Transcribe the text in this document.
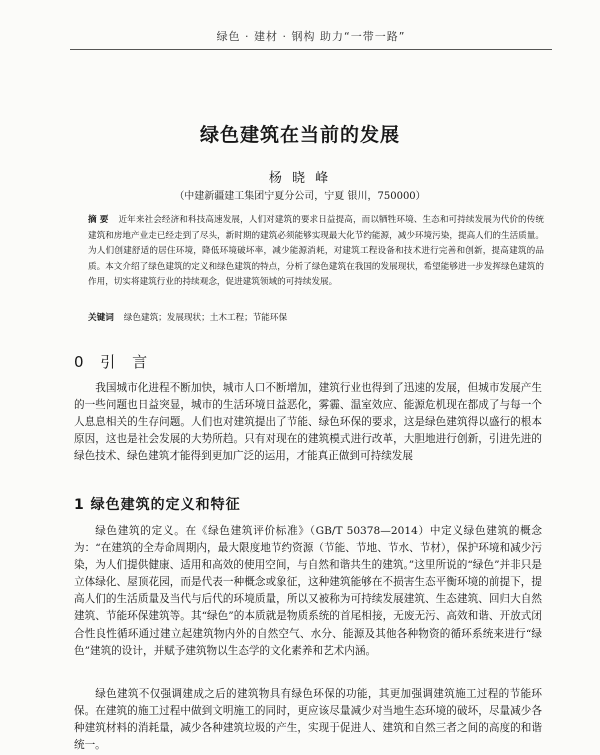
绿色 · 建材 · 钢构 助力“一带一路”
绿色建筑在当前的发展
杨 晓 峰
（中建新疆建工集团宁夏分公司，宁夏 银川，750000）

摘 要 近年来社会经济和科技高速发展，人们对建筑的要求日益提高，而以牺牲环境、生态和可持续发展为代价的传统建筑和房地产业走已经走到了尽头，新时期的建筑必须能够实现最大化节约能源，减少环境污染，提高人们的生活质量。为人们创建舒适的居住环境，降低环境破坏率，减少能源消耗，对建筑工程设备和技术进行完善和创新，提高建筑的品质。本文介绍了绿色建筑的定义和绿色建筑的特点，分析了绿色建筑在我国的发展现状，希望能够进一步发挥绿色建筑的作用，切实将建筑行业的持续观念，促进建筑领域的可持续发展。

关键词 绿色建筑；发展现状；土木工程；节能环保

0 引 言

我国城市化进程不断加快，城市人口不断增加，建筑行业也得到了迅速的发展，但城市发展产生的一些问题也日益突显，城市的生活环境日益恶化，雾霾、温室效应、能源危机现在都成了与每一个人息息相关的生存问题。人们也对建筑提出了节能、绿色环保的要求，这是绿色建筑得以盛行的根本原因，这也是社会发展的大势所趋。只有对现在的建筑模式进行改革，大胆地进行创新，引进先进的绿色技术、绿色建筑才能得到更加广泛的运用，才能真正做到可持续发展

1 绿色建筑的定义和特征

绿色建筑的定义。在《绿色建筑评价标准》（GB/T 50378—2014）中定义绿色建筑的概念为：“在建筑的全寿命周期内，最大限度地节约资源（节能、节地、节水、节材），保护环境和减少污染，为人们提供健康、适用和高效的使用空间，与自然和谐共生的建筑。”这里所说的“绿色”并非只是立体绿化、屋顶花园，而是代表一种概念或象征，这种建筑能够在不损害生态平衡环境的前提下，提高人们的生活质量及当代与后代的环境质量，所以又被称为可持续发展建筑、生态建筑、回归大自然建筑、节能环保建筑等。其“绿色”的本质就是物质系统的首尾相接，无废无污、高效和谐、开放式闭合性良性循环通过建立起建筑物内外的自然空气、水分、能源及其他各种物资的循环系统来进行“绿色”建筑的设计，并赋予建筑物以生态学的文化素养和艺术内涵。

绿色建筑不仅强调建成之后的建筑物具有绿色环保的功能，其更加强调建筑施工过程的节能环保。在建筑的施工过程中做到文明施工的同时，更应该尽量减少对当地生态环境的破坏，尽量减少各种建筑材料的消耗量，减少各种建筑垃圾的产生，实现于促进人、建筑和自然三者之间的高度的和谐统一。
